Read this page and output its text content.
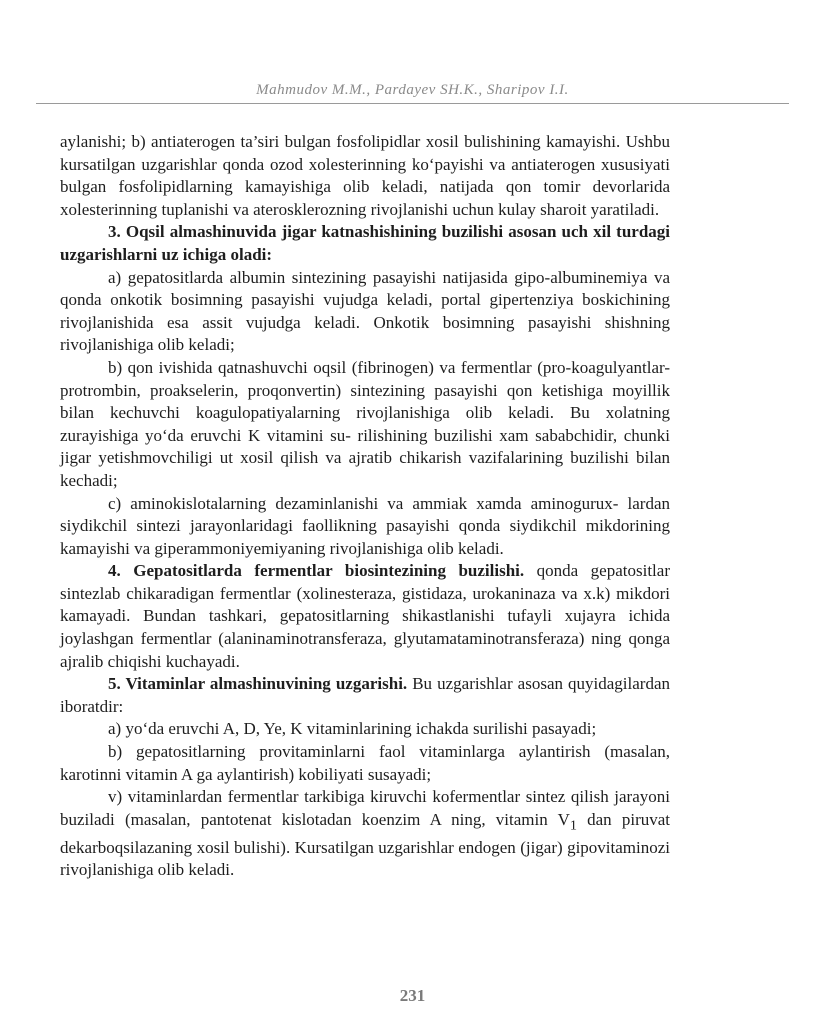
Mahmudov M.M., Pardayev SH.K., Sharipov I.I.

aylanishi; b) antiaterogen ta’siri bulgan fosfolipidlar xosil bulishining kamayishi. Ushbu kursatilgan uzgarishlar qonda ozod xolesterinning ko‘payishi va antiaterogen xususiyati bulgan fosfolipidlarning kamayishiga olib keladi, natijada qon tomir devorlarida xolesterinning tuplanishi va aterosklerozning rivojlanishi uchun kulay sharoit yaratiladi.

3. Oqsil almashinuvida jigar katnashishining buzilishi asosan uch xil turdagi uzgarishlarni uz ichiga oladi:

a) gepatositlarda albumin sintezining pasayishi natijasida gipo-albuminemiya va qonda onkotik bosimning pasayishi vujudga keladi, portal gipertenziya boskichining rivojlanishida esa assit vujudga keladi. Onkotik bosimning pasayishi shishning rivojlanishiga olib keladi;

b) qon ivishida qatnashuvchi oqsil (fibrinogen) va fermentlar (pro-koagulyantlar-protrombin, proakselerin, proqonvertin) sintezining pasayishi qon ketishiga moyillik bilan kechuvchi koagulopatiyalarning rivojlanishiga olib keladi. Bu xolatning zurayishiga yo‘da eruvchi K vitamini su- rilishining buzilishi xam sababchidir, chunki jigar yetishmovchiligi ut xosil qilish va ajratib chikarish vazifalarining buzilishi bilan kechadi;

c) aminokislotalarning dezaminlanishi va ammiak xamda aminogurux- lardan siydikchil sintezi jarayonlaridagi faollikning pasayishi qonda siydikchil mikdorining kamayishi va giperammoniyemiyaning rivojlanishiga olib keladi.

4. Gepatositlarda fermentlar biosintezining buzilishi. qonda gepatositlar sintezlab chikaradigan fermentlar (xolinesteraza, gistidaza, urokaninaza va x.k) mikdori kamayadi. Bundan tashkari, gepatositlarning shikastlanishi tufayli xujayra ichida joylashgan fermentlar (alaninaminotransferaza, glyutamataminotransferaza) ning qonga ajralib chiqishi kuchayadi.

5. Vitaminlar almashinuvining uzgarishi. Bu uzgarishlar asosan quyidagilardan iboratdir:

a) yo‘da eruvchi A, D, Ye, K vitaminlarining ichakda surilishi pasayadi;

b) gepatositlarning provitaminlarni faol vitaminlarga aylantirish (masalan, karotinni vitamin A ga aylantirish) kobiliyati susayadi;

v) vitaminlardan fermentlar tarkibiga kiruvchi kofermentlar sintez qilish jarayoni buziladi (masalan, pantotenat kislotadan koenzim A ning, vitamin $V_1$ dan piruvat dekarboqsilazaning xosil bulishi). Kursatilgan uzgarishlar endogen (jigar) gipovitaminozi rivojlanishiga olib keladi.

231
